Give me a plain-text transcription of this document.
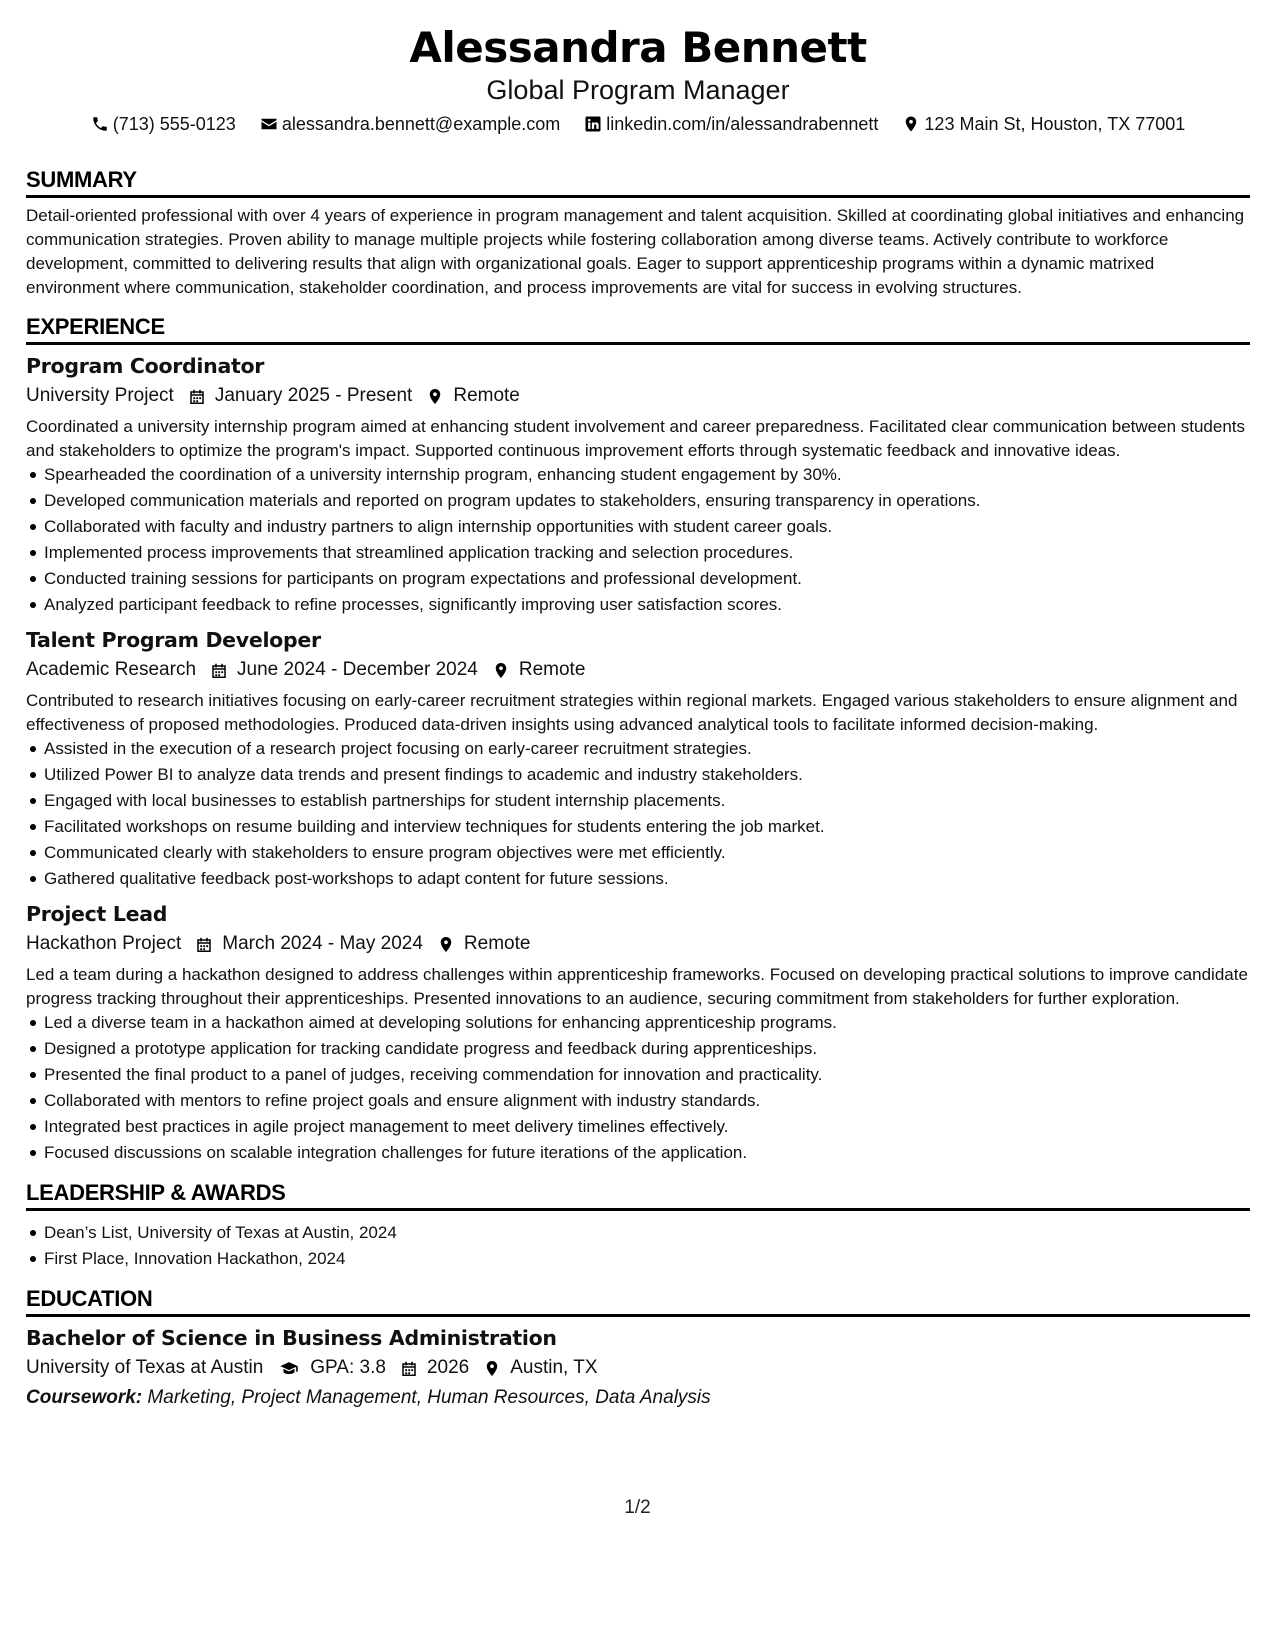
Alessandra Bennett
Global Program Manager
(713) 555-0123	alessandra.bennett@example.com	linkedin.com/in/alessandrabennett	123 Main St, Houston, TX 77001
SUMMARY
Detail-oriented professional with over 4 years of experience in program management and talent acquisition. Skilled at coordinating global initiatives and enhancing communication strategies. Proven ability to manage multiple projects while fostering collaboration among diverse teams. Actively contribute to workforce development, committed to delivering results that align with organizational goals. Eager to support apprenticeship programs within a dynamic matrixed environment where communication, stakeholder coordination, and process improvements are vital for success in evolving structures.
EXPERIENCE
Program Coordinator
University Project January 2025 - Present Remote
Coordinated a university internship program aimed at enhancing student involvement and career preparedness. Facilitated clear communication between students and stakeholders to optimize the program's impact. Supported continuous improvement efforts through systematic feedback and innovative ideas.
Spearheaded the coordination of a university internship program, enhancing student engagement by 30%.
Developed communication materials and reported on program updates to stakeholders, ensuring transparency in operations.
Collaborated with faculty and industry partners to align internship opportunities with student career goals.
Implemented process improvements that streamlined application tracking and selection procedures.
Conducted training sessions for participants on program expectations and professional development.
Analyzed participant feedback to refine processes, significantly improving user satisfaction scores.
Talent Program Developer
Academic Research June 2024 - December 2024 Remote
Contributed to research initiatives focusing on early-career recruitment strategies within regional markets. Engaged various stakeholders to ensure alignment and effectiveness of proposed methodologies. Produced data-driven insights using advanced analytical tools to facilitate informed decision-making.
Assisted in the execution of a research project focusing on early-career recruitment strategies.
Utilized Power BI to analyze data trends and present findings to academic and industry stakeholders.
Engaged with local businesses to establish partnerships for student internship placements.
Facilitated workshops on resume building and interview techniques for students entering the job market.
Communicated clearly with stakeholders to ensure program objectives were met efficiently.
Gathered qualitative feedback post-workshops to adapt content for future sessions.
Project Lead
Hackathon Project March 2024 - May 2024 Remote
Led a team during a hackathon designed to address challenges within apprenticeship frameworks. Focused on developing practical solutions to improve candidate progress tracking throughout their apprenticeships. Presented innovations to an audience, securing commitment from stakeholders for further exploration.
Led a diverse team in a hackathon aimed at developing solutions for enhancing apprenticeship programs.
Designed a prototype application for tracking candidate progress and feedback during apprenticeships.
Presented the final product to a panel of judges, receiving commendation for innovation and practicality.
Collaborated with mentors to refine project goals and ensure alignment with industry standards.
Integrated best practices in agile project management to meet delivery timelines effectively.
Focused discussions on scalable integration challenges for future iterations of the application.
LEADERSHIP & AWARDS
Dean’s List, University of Texas at Austin, 2024
First Place, Innovation Hackathon, 2024
EDUCATION
Bachelor of Science in Business Administration
University of Texas at Austin GPA: 3.8 2026 Austin, TX
Coursework: Marketing, Project Management, Human Resources, Data Analysis
1/2
